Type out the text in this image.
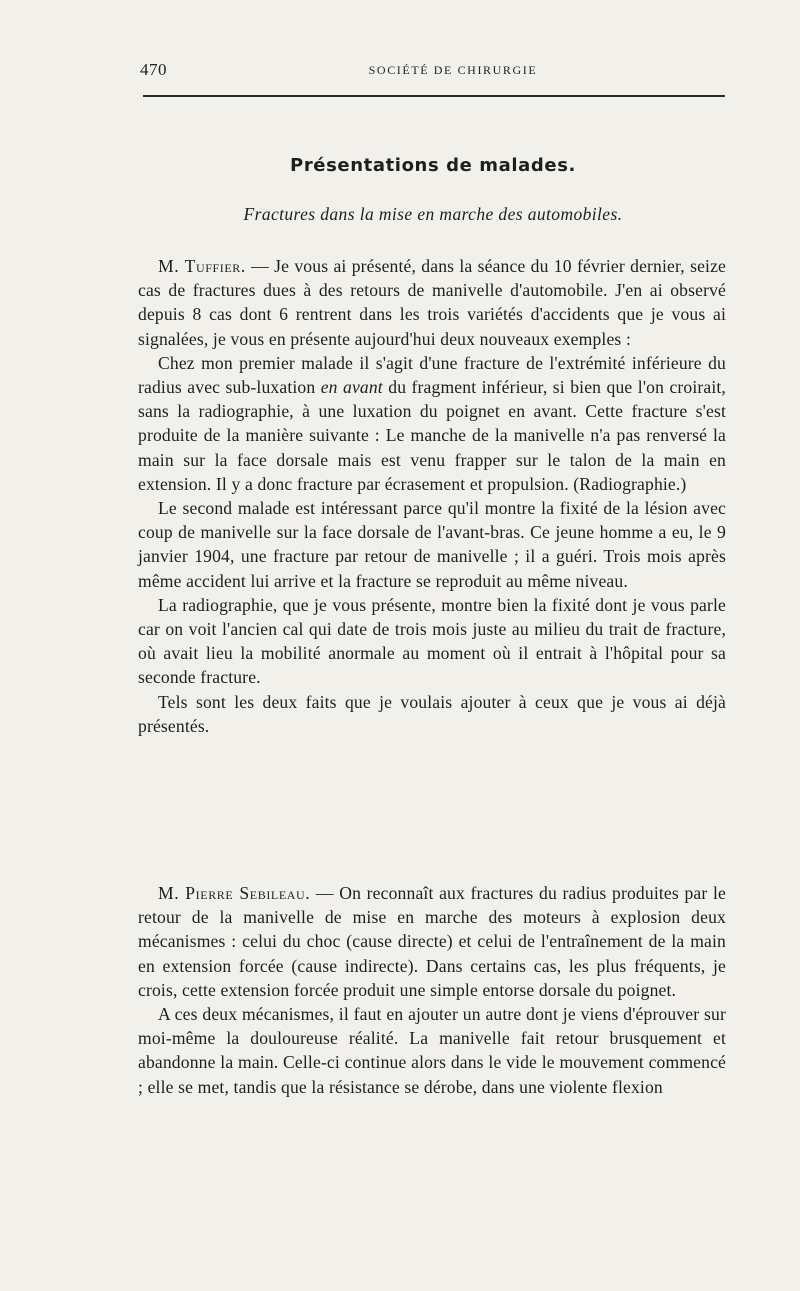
470	SOCIÉTÉ DE CHIRURGIE
Présentations de malades.
Fractures dans la mise en marche des automobiles.

M. Tuffier. — Je vous ai présenté, dans la séance du 10 février dernier, seize cas de fractures dues à des retours de manivelle d'automobile. J'en ai observé depuis 8 cas dont 6 rentrent dans les trois variétés d'accidents que je vous ai signalées, je vous en présente aujourd'hui deux nouveaux exemples :

Chez mon premier malade il s'agit d'une fracture de l'extrémité inférieure du radius avec sub-luxation en avant du fragment inférieur, si bien que l'on croirait, sans la radiographie, à une luxation du poignet en avant. Cette fracture s'est produite de la manière suivante : Le manche de la manivelle n'a pas renversé la main sur la face dorsale mais est venu frapper sur le talon de la main en extension. Il y a donc fracture par écrasement et propulsion. (Radiographie.)

Le second malade est intéressant parce qu'il montre la fixité de la lésion avec coup de manivelle sur la face dorsale de l'avant-bras. Ce jeune homme a eu, le 9 janvier 1904, une fracture par retour de manivelle ; il a guéri. Trois mois après même accident lui arrive et la fracture se reproduit au même niveau.

La radiographie, que je vous présente, montre bien la fixité dont je vous parle car on voit l'ancien cal qui date de trois mois juste au milieu du trait de fracture, où avait lieu la mobilité anormale au moment où il entrait à l'hôpital pour sa seconde fracture.

Tels sont les deux faits que je voulais ajouter à ceux que je vous ai déjà présentés.

M. Pierre Sebileau. — On reconnaît aux fractures du radius produites par le retour de la manivelle de mise en marche des moteurs à explosion deux mécanismes : celui du choc (cause directe) et celui de l'entraînement de la main en extension forcée (cause indirecte). Dans certains cas, les plus fréquents, je crois, cette extension forcée produit une simple entorse dorsale du poignet.

A ces deux mécanismes, il faut en ajouter un autre dont je viens d'éprouver sur moi-même la douloureuse réalité. La manivelle fait retour brusquement et abandonne la main. Celle-ci continue alors dans le vide le mouvement commencé ; elle se met, tandis que la résistance se dérobe, dans une violente flexion
